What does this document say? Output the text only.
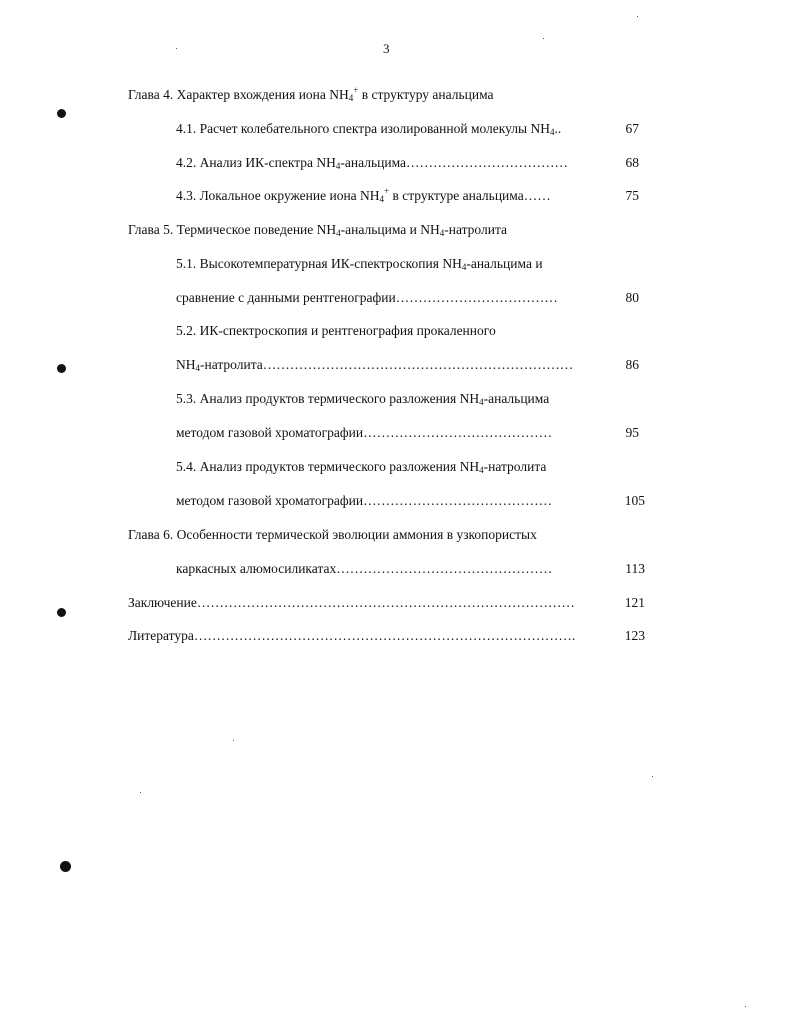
3
Глава 4. Характер вхождения иона $NH_4^+$ в структуру анальцима
4.1. Расчет колебательного спектра изолированной молекулы $NH_4$..	67
4.2. Анализ ИК-спектра $NH_4-анальцима\dots\dots\dots\dots\dots\dots\dots\dots\dots\dots\dots\dots$	68
4.3. Локальное окружение иона $NH_4^+$ в структуре анальцима……	75
Глава 5. Термическое поведение $NH_4$-анальцима и $NH_4$-натролита
5.1. Высокотемпературная ИК-спектроскопия $NH_4$-анальцима и
сравнение с данными рентгенографии………………………………	80
5.2. ИК-спектроскопия и рентгенография прокаленного
$NH_4-натролита\dots\dots\dots\dots\dots\dots\dots\dots\dots\dots\dots\dots\dots\dots\dots\dots\dots\dots\dots\dots\dots\dots\dots$	86
5.3. Анализ продуктов термического разложения $NH_4$-анальцима
методом газовой хроматографии……………………………………	95
5.4. Анализ продуктов термического разложения $NH_4$-натролита
методом газовой хроматографии……………………………………	105
Глава 6. Особенности термической эволюции аммония в узкопористых
каркасных алюмосиликатах…………………………………………	113
Заключение…………………………………………………………………………	121
Литература………………………………………………………………………….	123
